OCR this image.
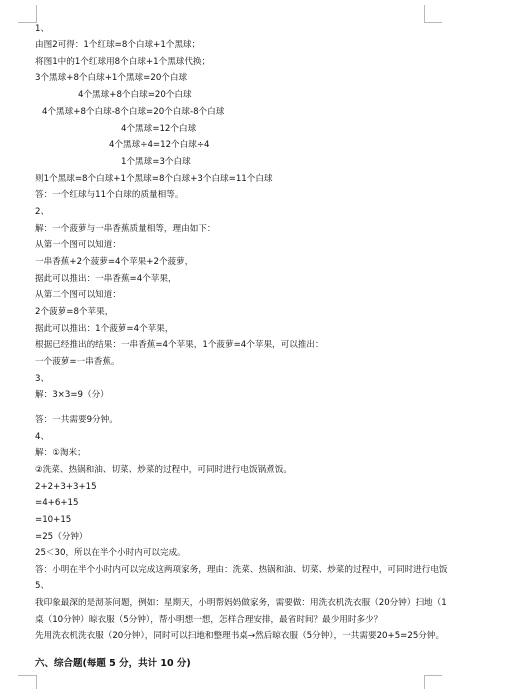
1、

由图2可得：1个红球=8个白球+1个黑球；

将图1中的1个红球用8个白球+1个黑球代换；

3个黑球+8个白球+1个黑球=20个白球

4个黑球+8个白球=20个白球

4个黑球+8个白球-8个白球=20个白球-8个白球

4个黑球=12个白球

4个黑球÷4=12个白球÷4

1个黑球=3个白球

则1个黑球=8个白球+1个黑球=8个白球+3个白球=11个白球

答：一个红球与11个白球的质量相等。

2、

解：一个菠萝与一串香蕉质量相等，理由如下：

从第一个图可以知道：

一串香蕉+2个菠萝=4个苹果+2个菠萝，

据此可以推出：一串香蕉=4个苹果，

从第二个图可以知道：

2个菠萝=8个苹果，

据此可以推出：1个菠萝=4个苹果，

根据已经推出的结果：一串香蕉=4个苹果，1个菠萝=4个苹果，可以推出：

一个菠萝=一串香蕉。

3、

解：3×3=9（分）

答：一共需要9分钟。

4、

解：①淘米；

②洗菜、热锅和油、切菜、炒菜的过程中，可同时进行电饭锅煮饭。

2+2+3+3+15

=4+6+15

=10+15

=25（分钟）

25＜30，所以在半个小时内可以完成。

答：小明在半个小时内可以完成这两项家务，理由：洗菜、热锅和油、切菜、炒菜的过程中，可同时进行电饭

5、

我印象最深的是沏茶问题，例如：星期天，小明帮妈妈做家务，需要做：用洗衣机洗衣服（20分钟）扫地（1

桌（10分钟）晾衣服（5分钟），帮小明想一想，怎样合理安排，最省时间？最少用时多少？

先用洗衣机洗衣服（20分钟），同时可以扫地和整理书桌→然后晾衣服（5分钟），一共需要20+5=25分钟。

六、综合题(每题 5 分，共计 10 分)
